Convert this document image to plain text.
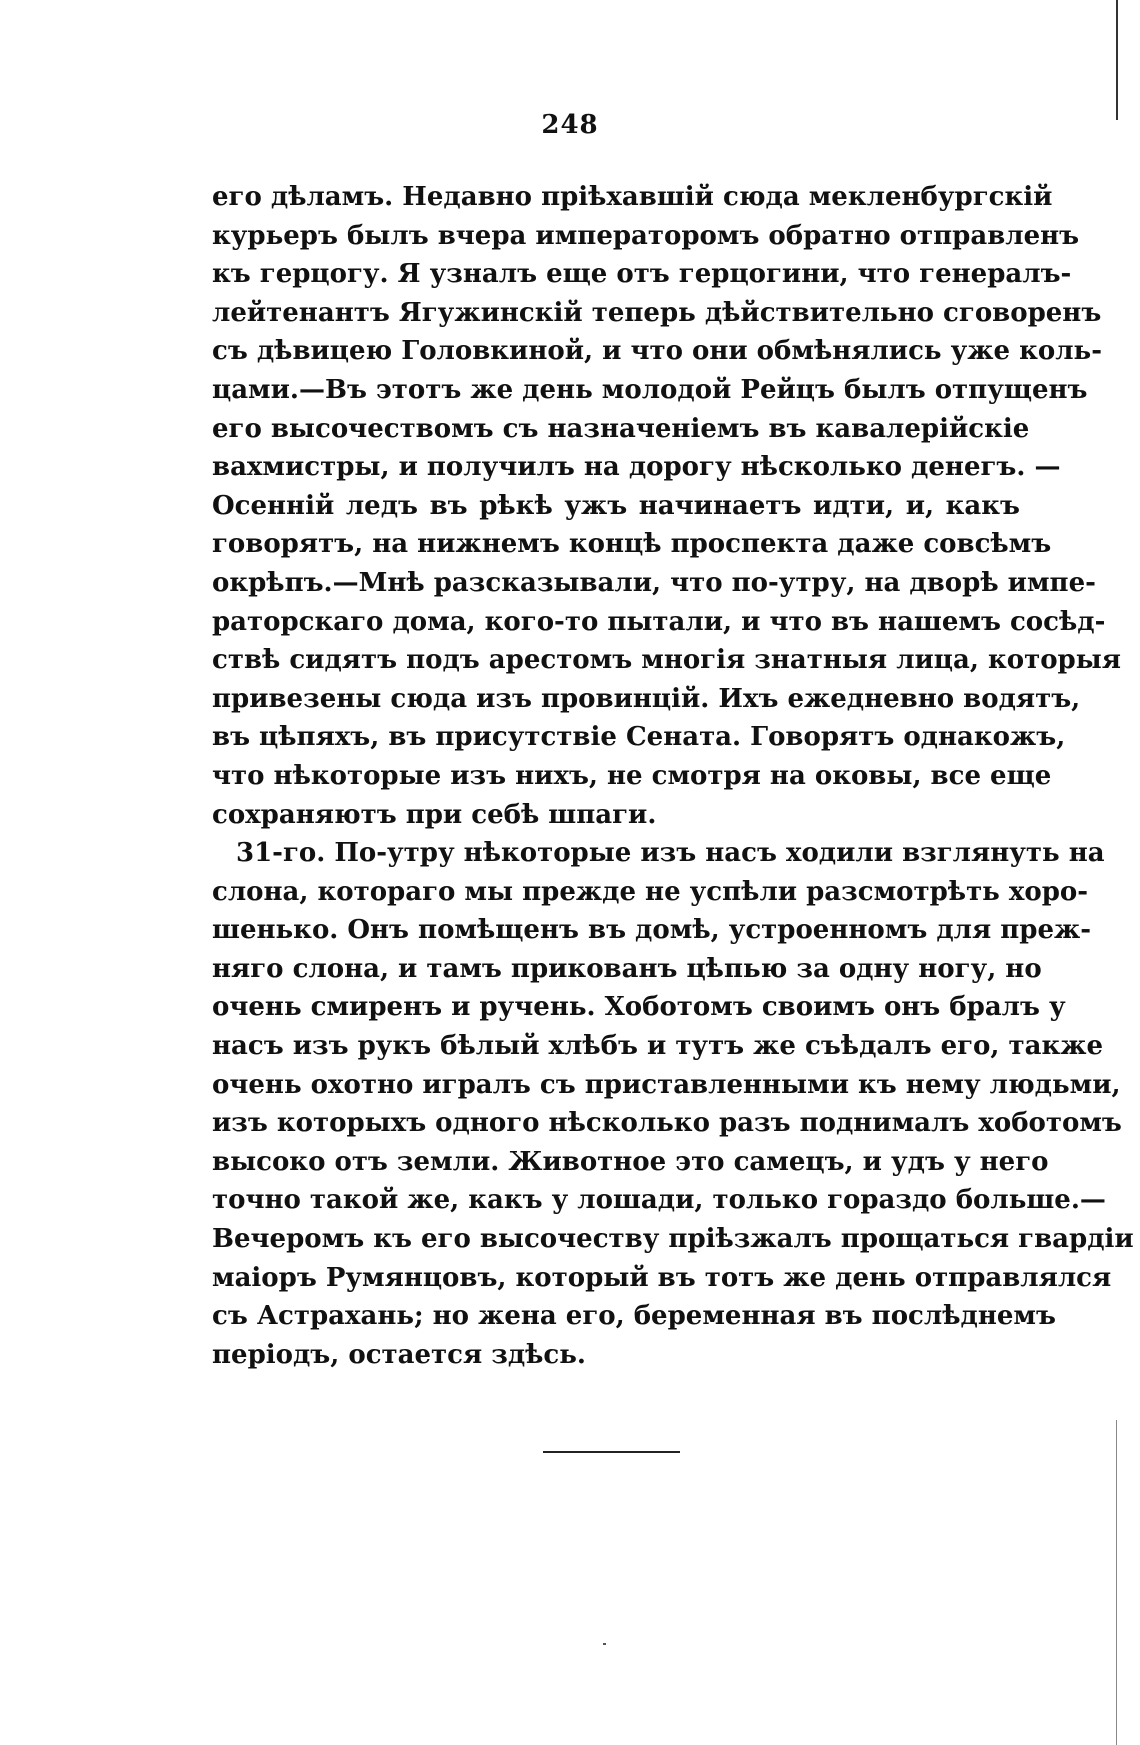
248
его дѣламъ. Недавно пріѣхавшій сюда мекленбургскій
курьеръ былъ вчера императоромъ обратно отправленъ
къ герцогу. Я узналъ еще отъ герцогини, что генералъ-
лейтенантъ Ягужинскій теперь дѣйствительно сговоренъ
съ дѣвицею Головкиной, и что они обмѣнялись уже коль-
цами.—Въ этотъ же день молодой Рейцъ былъ отпущенъ
его высочествомъ съ назначеніемъ въ кавалерійскіе
вахмистры, и получилъ на дорогу нѣсколько денегъ. —
Осенній ледъ въ рѣкѣ ужъ начинаетъ идти, и, какъ
говорятъ, на нижнемъ концѣ проспекта даже совсѣмъ
окрѣпъ.—Мнѣ разсказывали, что по-утру, на дворѣ импе-
раторскаго дома, кого-то пытали, и что въ нашемъ сосѣд-
ствѣ сидятъ подъ арестомъ многія знатныя лица, которыя
привезены сюда изъ провинцій. Ихъ ежедневно водятъ,
въ цѣпяхъ, въ присутствіе Сената. Говорятъ однакожъ,
что нѣкоторые изъ нихъ, не смотря на оковы, все еще
сохраняютъ при себѣ шпаги.
31-го. По-утру нѣкоторые изъ насъ ходили взглянуть на
слона, котораго мы прежде не успѣли разсмотрѣть хоро-
шенько. Онъ помѣщенъ въ домѣ, устроенномъ для преж-
няго слона, и тамъ прикованъ цѣпью за одну ногу, но
очень смиренъ и ручень. Хоботомъ своимъ онъ бралъ у
насъ изъ рукъ бѣлый хлѣбъ и тутъ же съѣдалъ его, также
очень охотно игралъ съ приставленными къ нему людьми,
изъ которыхъ одного нѣсколько разъ поднималъ хоботомъ
высоко отъ земли. Животное это самецъ, и удъ у него
точно такой же, какъ у лошади, только гораздо больше.—
Вечеромъ къ его высочеству пріѣзжалъ прощаться гвардіи
маіоръ Румянцовъ, который въ тотъ же день отправлялся
съ Астрахань; но жена его, беременная въ послѣднемъ
періодъ, остается здѣсь.
